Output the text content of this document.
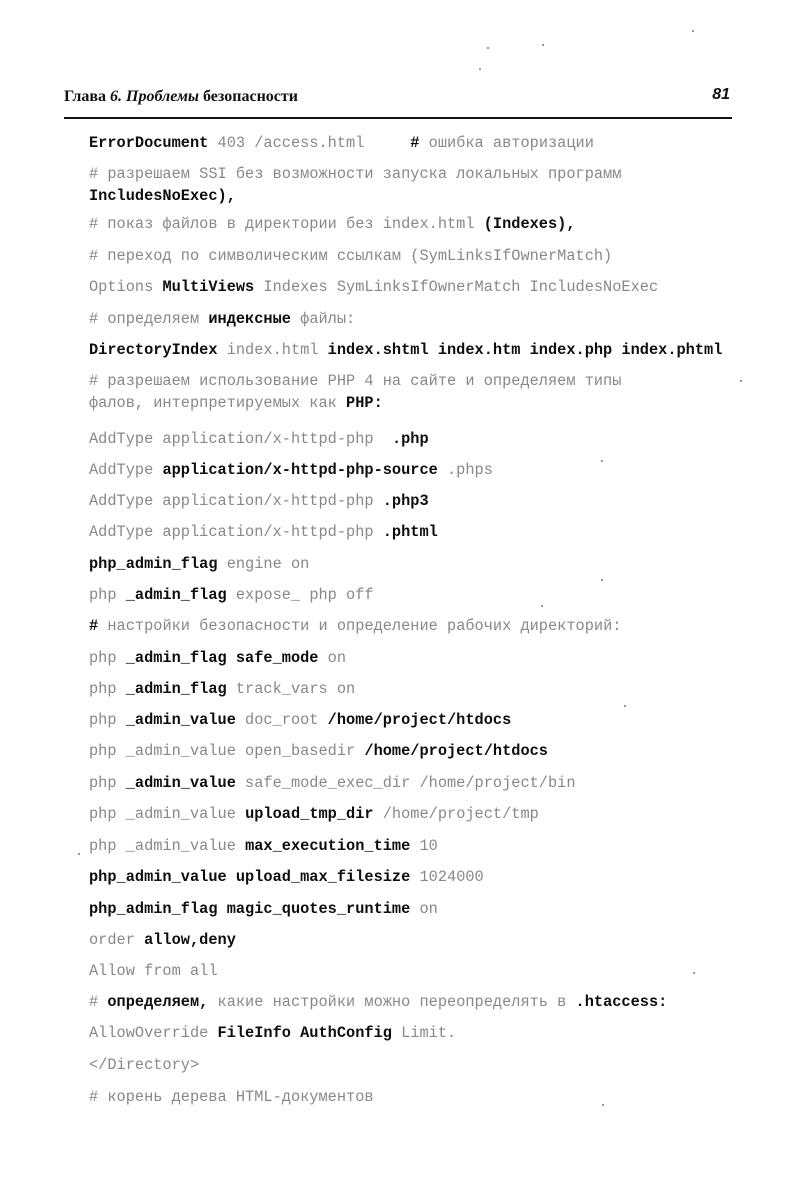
Глава 6. Проблемы безопасности	81
ErrorDocument 403 /access.html     # ошибка авторизации
# разрешаем SSI без возможности запуска локальных программ
IncludesNoExec),
# показ файлов в директории без index.html (Indexes),
# переход по символическим ссылкам (SymLinksIfOwnerMatch)
Options MultiViews Indexes SymLinksIfOwnerMatch IncludesNoExec
# определяем индексные файлы:
DirectoryIndex index.html index.shtml index.htm index.php index.phtml
# разрешаем использование PHP 4 на сайте и определяем типы
фалов, интерпретируемых как PHP:
AddType application/x-httpd-php  .php
AddType application/x-httpd-php-source .phps
AddType application/x-httpd-php .php3
AddType application/x-httpd-php .phtml
php_admin_flag engine on
php _admin_flag expose_ php off
# настройки безопасности и определение рабочих директорий:
php _admin_flag safe_mode on
php _admin_flag track_vars on
php _admin_value doc_root /home/project/htdocs
php _admin_value open_basedir /home/project/htdocs
php _admin_value safe_mode_exec_dir /home/project/bin
php _admin_value upload_tmp_dir /home/project/tmp
php _admin_value max_execution_time 10
php_admin_value upload_max_filesize 1024000
php_admin_flag magic_quotes_runtime on
order allow,deny
Allow from all
# определяем, какие настройки можно переопределять в .htaccess:
AllowOverride FileInfo AuthConfig Limit.
</Directory>
# корень дерева HTML-документов
